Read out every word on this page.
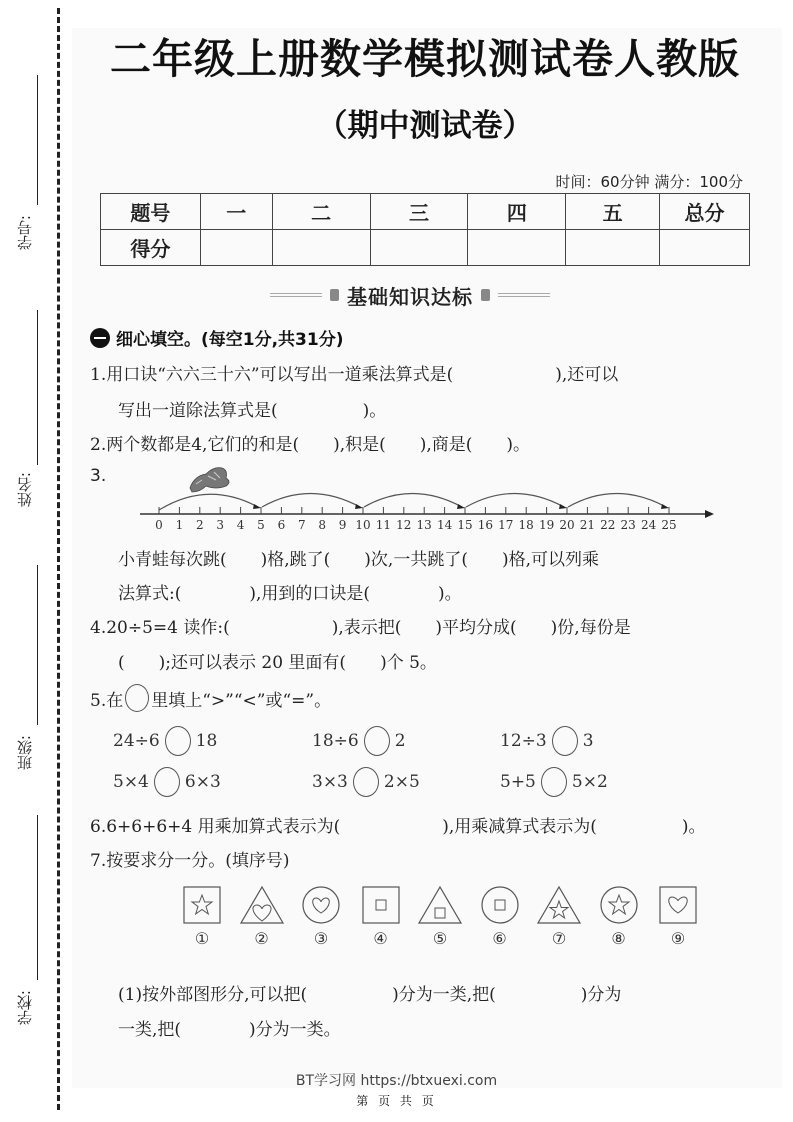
学号:
姓名:
班级:
学校:
二年级上册数学模拟测试卷人教版
（期中测试卷）
时间：60分钟 满分：100分
题号	一	二	三	四	五	总分
得分						
基础知识达标
细心填空。(每空1分,共31分)
1.用口诀“六六三十六”可以写出一道乘法算式是(　　　　　　),还可以
写出一道除法算式是(　　　　　)。
2.两个数都是4,它们的和是(　　),积是(　　),商是(　　)。
3.
0 1 2 3 4 5 6 7 8 9 10 11 12 13 14 15 16 17 18 19 20 21 22 23 24 25
小青蛙每次跳(　　)格,跳了(　　)次,一共跳了(　　)格,可以列乘
法算式:(　　　　),用到的口诀是(　　　　)。
4.20÷5=4 读作:(　　　　　　),表示把(　　)平均分成(　　)份,每份是
(　　);还可以表示 20 里面有(　　)个 5。
5.在 里填上“>”“<”或“=”。
24÷6 18	18÷6 2	12÷3 3
5×4 6×3	3×3 2×5	5+5 5×2
6.6+6+6+4 用乘加算式表示为(　　　　　　),用乘减算式表示为(　　　　　)。
7.按要求分一分。(填序号)
①	②	③	④	⑤	⑥	⑦	⑧	⑨
(1)按外部图形分,可以把(　　　　　)分为一类,把(　　　　　)分为
一类,把(　　　　)分为一类。
BT学习网 https://btxuexi.com
第 页 共 页
